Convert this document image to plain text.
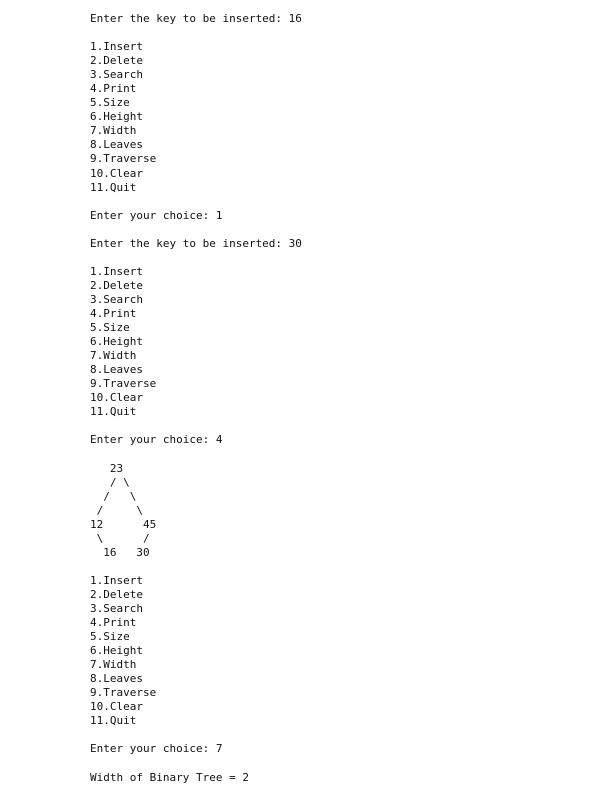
Enter the key to be inserted: 16
1.Insert
2.Delete
3.Search
4.Print
5.Size
6.Height
7.Width
8.Leaves
9.Traverse
10.Clear
11.Quit
Enter your choice: 1
Enter the key to be inserted: 30
1.Insert
2.Delete
3.Search
4.Print
5.Size
6.Height
7.Width
8.Leaves
9.Traverse
10.Clear
11.Quit
Enter your choice: 4
23
/ \
/   \
/     \
12      45
\      /
16   30
1.Insert
2.Delete
3.Search
4.Print
5.Size
6.Height
7.Width
8.Leaves
9.Traverse
10.Clear
11.Quit
Enter your choice: 7
Width of Binary Tree = 2
